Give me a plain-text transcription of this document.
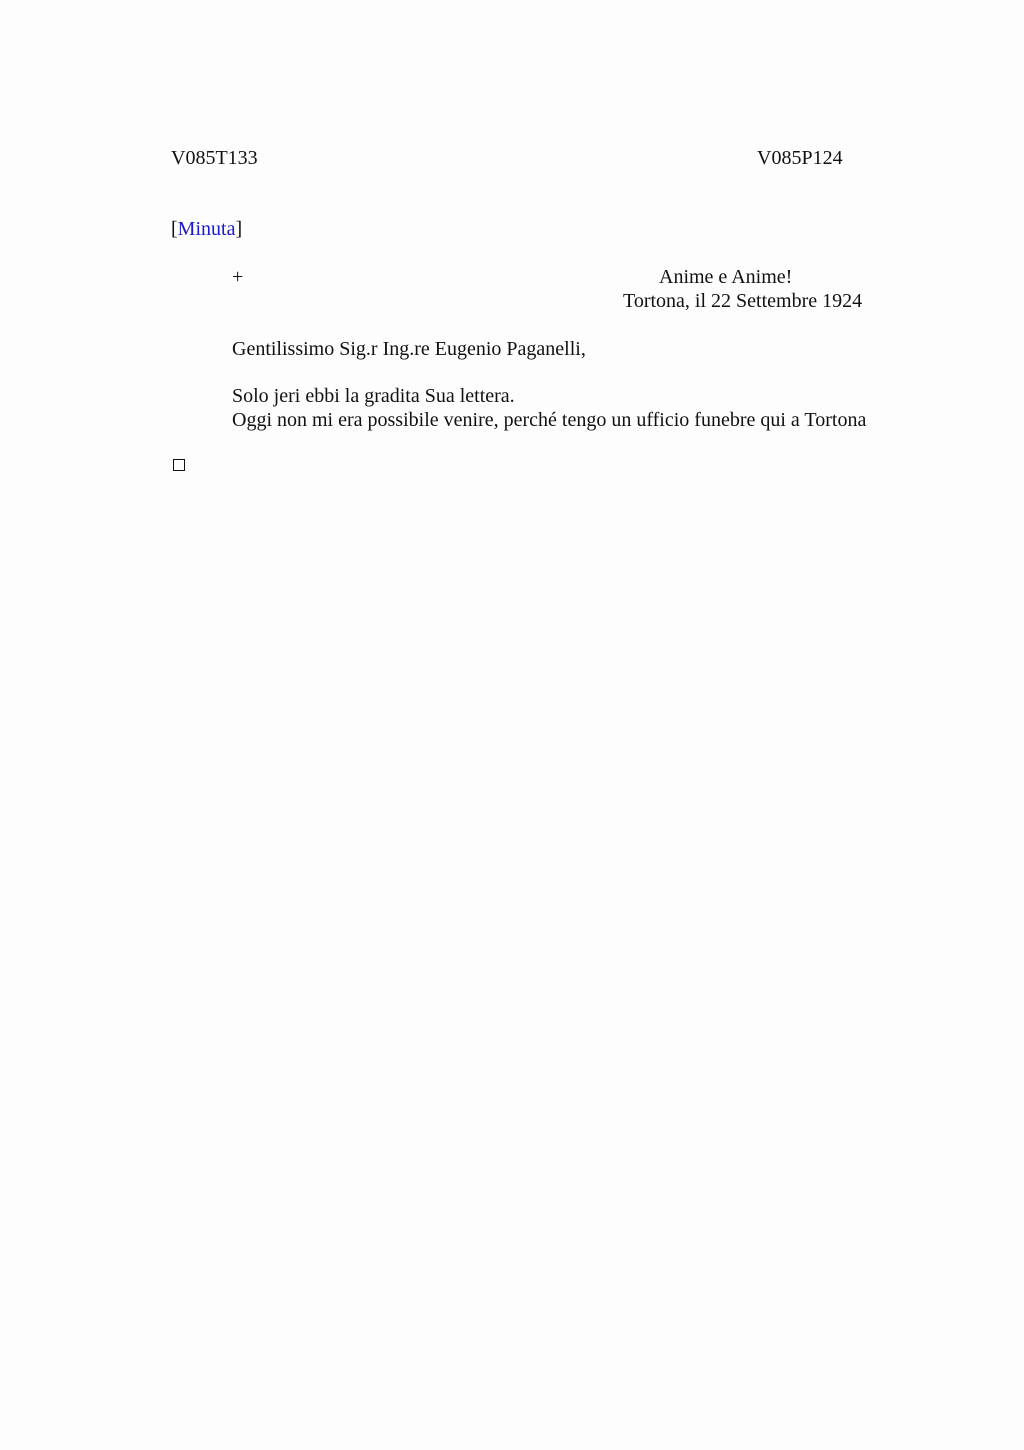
V085T133	V085P124
[Minuta]
+	Anime e Anime!
Tortona, il 22 Settembre 1924
Gentilissimo Sig.r Ing.re Eugenio Paganelli,
Solo jeri ebbi la gradita Sua lettera.
Oggi non mi era possibile venire, perché tengo un ufficio funebre qui a Tortona
